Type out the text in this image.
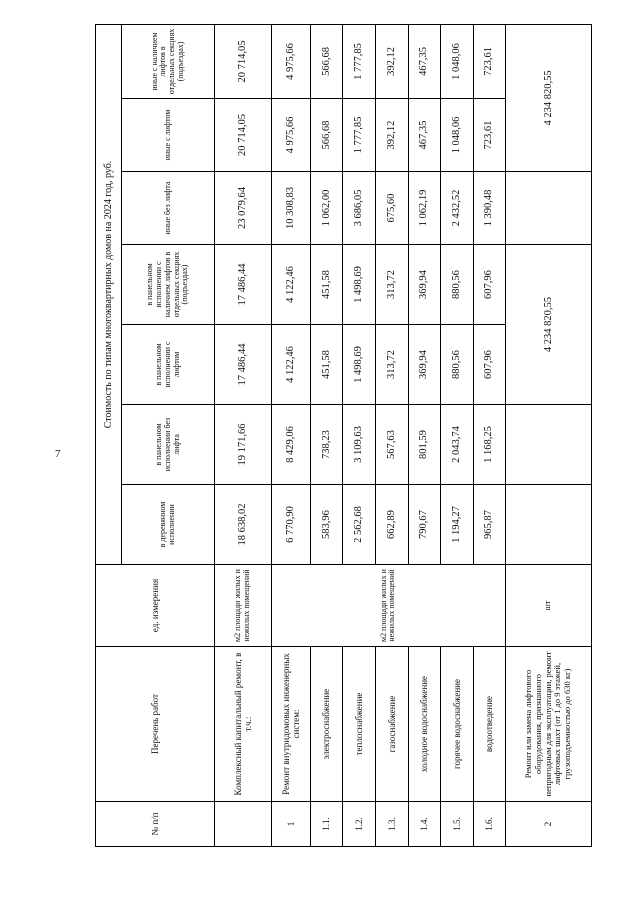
7
№ п/п	Перечень работ	ед. измерения	Стоимость по типам многоквартирных домов на 2024 год, руб.						
			в деревянном исполнении	в панельном исполнении без лифта	в панельном исполнении с лифтом	в панельном исполнении с наличием лифтов в отдельных секциях (подъездах)	иные без лифта	иные с лифтом	иные с наличием лифтов в отдельных секциях (подъездах)
	Комплексный капитальный ремонт, в т.ч.:	м2 площади жилых и нежилых помещений	18 638,02	19 171,66	17 486,44	17 486,44	23 079,64	20 714,05	20 714,05
1	Ремонт внутридомовых инженерных систем:	м2 площади жилых и нежилых помещений	6 770,90	8 429,06	4 122,46	4 122,46	10 308,83	4 975,66	4 975,66
1.1.	электроснабжение		583,96	738,23	451,58	451,58	1 062,00	566,68	566,68
1.2.	теплоснабжение		2 562,68	3 109,63	1 498,69	1 498,69	3 686,05	1 777,85	1 777,85
1.3.	газоснабжение		662,89	567,63	313,72	313,72	675,60	392,12	392,12
1.4.	холодное водоснабжение		790,67	801,59	369,94	369,94	1 062,19	467,35	467,35
1.5.	горячее водоснабжение		1 194,27	2 043,74	880,56	880,56	2 432,52	1 048,06	1 048,06
1.6.	водоотведение		965,87	1 168,25	607,96	607,96	1 390,48	723,61	723,61
2	Ремонт или замена лифтового оборудования, признанного непригодным для эксплуатации, ремонт лифтовых шахт (от 1 до 9 этажей, грузоподъемностью до 630 кг)	шт			4 234 820,55			4 234 820,55	
